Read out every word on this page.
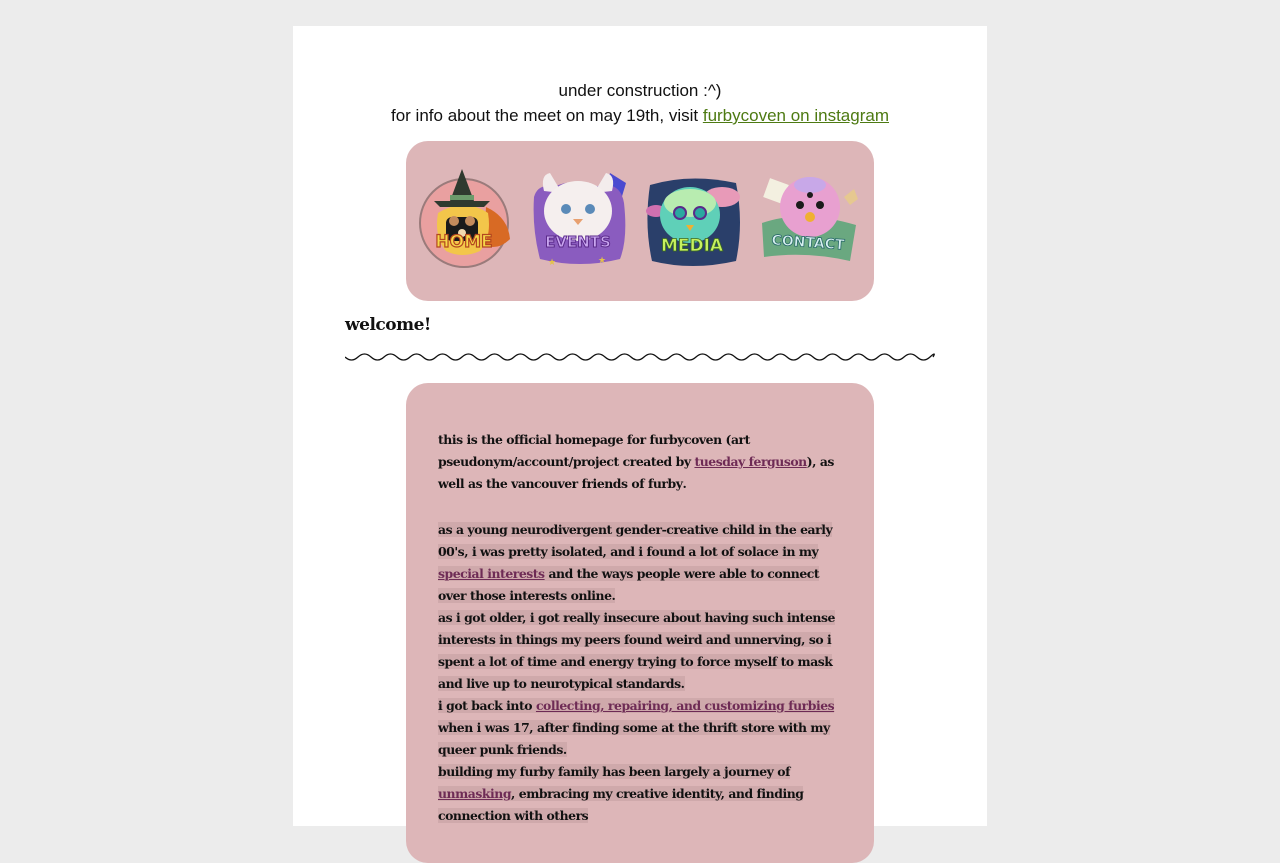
under construction :^)
for info about the meet on may 19th, visit furbycoven on instagram
HOME	EVENTS
★	★
MEDIA	CONTACT
welcome!

this is the official homepage for furbycoven (art pseudonym/account/project created by tuesday ferguson), as well as the vancouver friends of furby.

as a young neurodivergent gender-creative child in the early 00's, i was pretty isolated, and i found a lot of solace in my special interests and the ways people were able to connect over those interests online.

as i got older, i got really insecure about having such intense interests in things my peers found weird and unnerving, so i spent a lot of time and energy trying to force myself to mask and live up to neurotypical standards.

i got back into collecting, repairing, and customizing furbies when i was 17, after finding some at the thrift store with my queer punk friends.

building my furby family has been largely a journey of unmasking, embracing my creative identity, and finding connection with others
